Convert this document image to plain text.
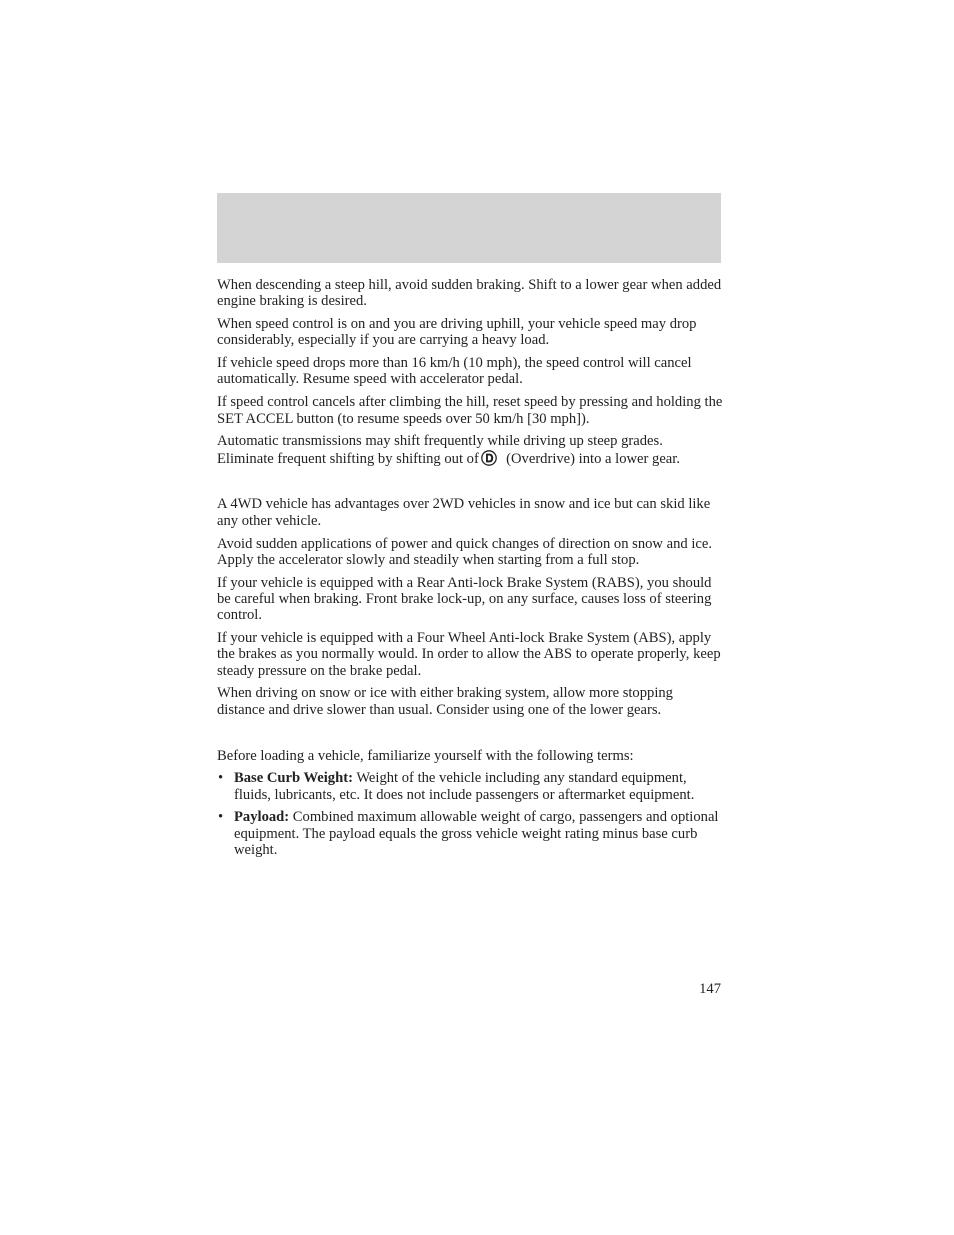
When descending a steep hill, avoid sudden braking. Shift to a lower gear when added engine braking is desired.

When speed control is on and you are driving uphill, your vehicle speed may drop considerably, especially if you are carrying a heavy load.

If vehicle speed drops more than 16 km/h (10 mph), the speed control will cancel automatically. Resume speed with accelerator pedal.

If speed control cancels after climbing the hill, reset speed by pressing and holding the SET ACCEL button (to resume speeds over 50 km/h [30 mph]).

Automatic transmissions may shift frequently while driving up steep grades. Eliminate frequent shifting by shifting out of (Overdrive) into a lower gear.

A 4WD vehicle has advantages over 2WD vehicles in snow and ice but can skid like any other vehicle.

Avoid sudden applications of power and quick changes of direction on snow and ice. Apply the accelerator slowly and steadily when starting from a full stop.

If your vehicle is equipped with a Rear Anti-lock Brake System (RABS), you should be careful when braking. Front brake lock-up, on any surface, causes loss of steering control.

If your vehicle is equipped with a Four Wheel Anti-lock Brake System (ABS), apply the brakes as you normally would. In order to allow the ABS to operate properly, keep steady pressure on the brake pedal.

When driving on snow or ice with either braking system, allow more stopping distance and drive slower than usual. Consider using one of the lower gears.

Before loading a vehicle, familiarize yourself with the following terms:

• Base Curb Weight: Weight of the vehicle including any standard equipment, fluids, lubricants, etc. It does not include passengers or aftermarket equipment.
• Payload: Combined maximum allowable weight of cargo, passengers and optional equipment. The payload equals the gross vehicle weight rating minus base curb weight.
147
